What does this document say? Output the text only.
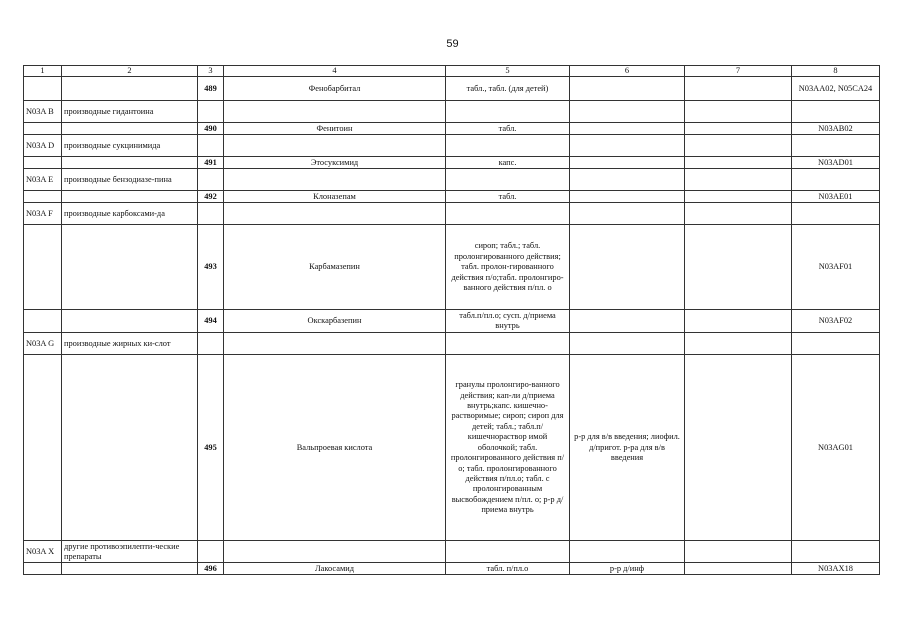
59
1	2	3	4	5	6	7	8
		489	Фенобарбитал	табл., табл. (для детей)			N03AA02, N05CA24
N03A B	производные гидантоина						
		490	Фенитоин	табл.			N03AB02
N03A D	производные сукцинимида						
		491	Этосуксимид	капс.			N03AD01
N03A E	производные бензодиазе-пина						
		492	Клоназепам	табл.			N03AE01
N03A F	производные карбоксами-да						
		493	Карбамазепин	сироп; табл.; табл. пролонгированного действия; табл. пролон-гированного действия п/о;табл. пролонгиро-ванного действия п/пл. о			N03AF01
		494	Окскарбазепин	табл.п/пл.о; сусп. д/приема внутрь			N03AF02
N03A G	производные жирных ки-слот						
		495	Вальпроевая кислота	гранулы пролонгиро-ванного действия; кап-ли д/приема внутрь;капс. кишечно-растворимые; сироп; сироп для детей; табл.; табл.п/кишечнораствор имой оболочкой; табл. пролонгированного действия п/о; табл. пролонгированного действия п/пл.о; табл. с пролонгированным высвобождением п/пл. о; р-р д/приема внутрь	р-р для в/в введения; лиофил. д/пригот. р-ра для в/в введения		N03AG01
N03A X	другие противоэпилепти-ческие препараты						
		496	Лакосамид	табл. п/пл.о	р-р д/инф		N03AX18
